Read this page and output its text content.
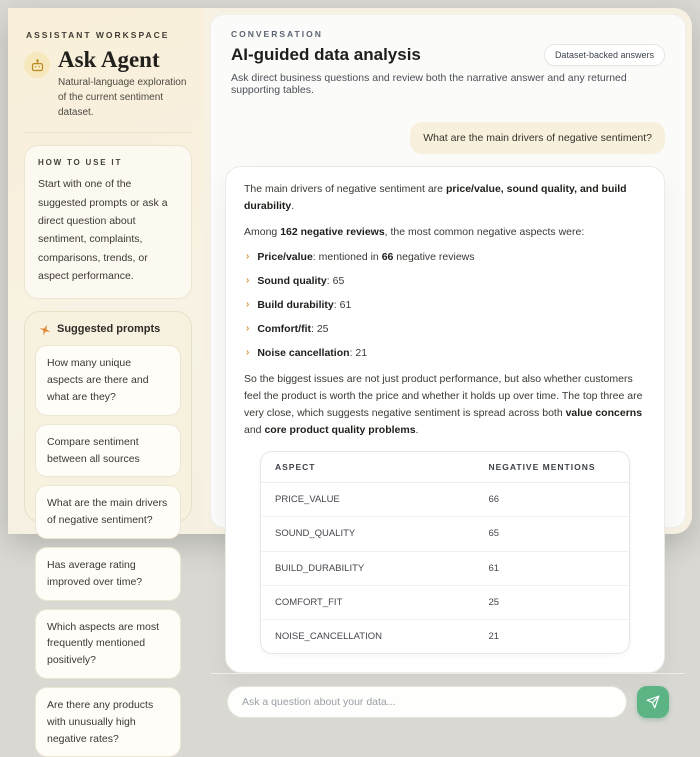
ASSISTANT WORKSPACE
Ask Agent
Natural-language exploration of the current sentiment dataset.
HOW TO USE IT
Start with one of the suggested prompts or ask a direct question about sentiment, complaints, comparisons, trends, or aspect performance.
Suggested prompts
How many unique aspects are there and what are they? Compare sentiment between all sources What are the main drivers of negative sentiment? Has average rating improved over time? Which aspects are most frequently mentioned positively? Are there any products with unusually high negative rates?
CONVERSATION
AI-guided data analysis	Dataset-backed answers
Ask direct business questions and review both the narrative answer and any returned supporting tables.
What are the main drivers of negative sentiment?

The main drivers of negative sentiment are price/value, sound quality, and build durability.

Among 162 negative reviews, the most common negative aspects were:

› Price/value: mentioned in 66 negative reviews
› Sound quality: 65
› Build durability: 61
› Comfort/fit: 25
› Noise cancellation: 21

So the biggest issues are not just product performance, but also whether customers feel the product is worth the price and whether it holds up over time. The top three are very close, which suggests negative sentiment is spread across both value concerns and core product quality problems.

ASPECT	NEGATIVE MENTIONS
PRICE_VALUE	66
SOUND_QUALITY	65
BUILD_DURABILITY	61
COMFORT_FIT	25
NOISE_CANCELLATION	21
Ask a question about your data...
